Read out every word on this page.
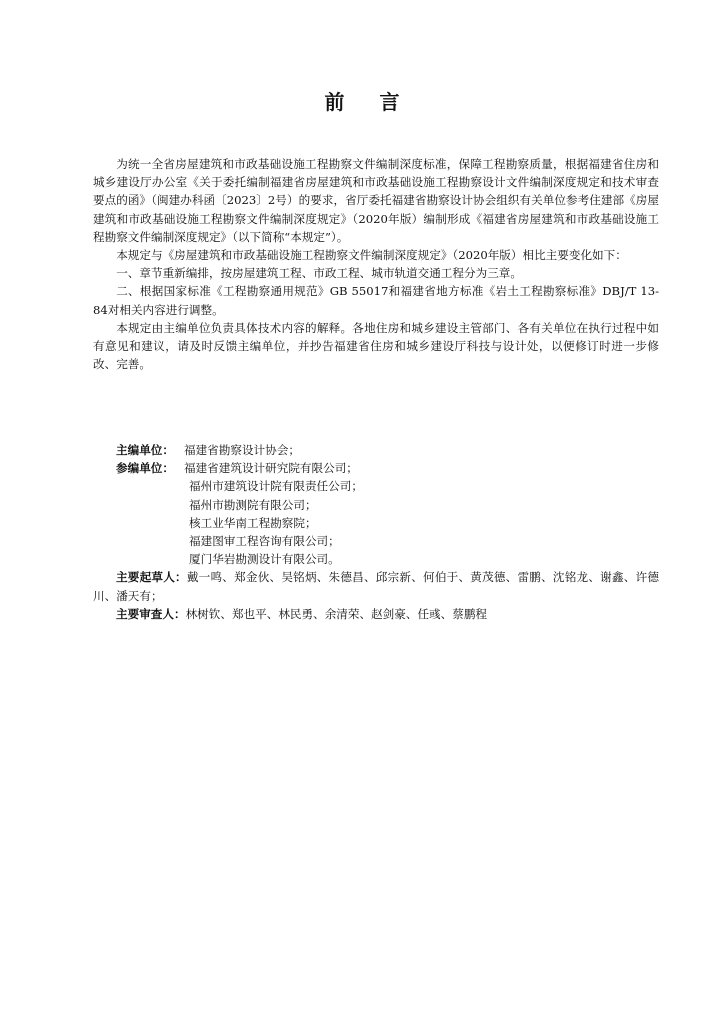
前 言

为统一全省房屋建筑和市政基础设施工程勘察文件编制深度标准，保障工程勘察质量，根据福建省住房和城乡建设厅办公室《关于委托编制福建省房屋建筑和市政基础设施工程勘察设计文件编制深度规定和技术审查要点的函》（闽建办科函〔2023〕2号）的要求，省厅委托福建省勘察设计协会组织有关单位参考住建部《房屋建筑和市政基础设施工程勘察文件编制深度规定》（2020年版）编制形成《福建省房屋建筑和市政基础设施工程勘察文件编制深度规定》（以下简称“本规定”）。

本规定与《房屋建筑和市政基础设施工程勘察文件编制深度规定》（2020年版）相比主要变化如下：

一、章节重新编排，按房屋建筑工程、市政工程、城市轨道交通工程分为三章。

二、根据国家标准《工程勘察通用规范》GB 55017和福建省地方标准《岩土工程勘察标准》DBJ/T 13-84对相关内容进行调整。

本规定由主编单位负责具体技术内容的解释。各地住房和城乡建设主管部门、各有关单位在执行过程中如有意见和建议，请及时反馈主编单位，并抄告福建省住房和城乡建设厅科技与设计处，以便修订时进一步修改、完善。

主编单位： 福建省勘察设计协会；
参编单位： 福建省建筑设计研究院有限公司；
福州市建筑设计院有限责任公司；
福州市勘测院有限公司；
核工业华南工程勘察院；
福建图审工程咨询有限公司；
厦门华岩勘测设计有限公司。
主要起草人：戴一鸣、郑金伙、吴铭炳、朱德昌、邱宗新、何伯于、黄茂德、雷鹏、沈铭龙、谢鑫、许德川、潘天有；
主要审查人：林树钦、郑也平、林民勇、余清荣、赵剑豪、任彧、蔡鹏程
